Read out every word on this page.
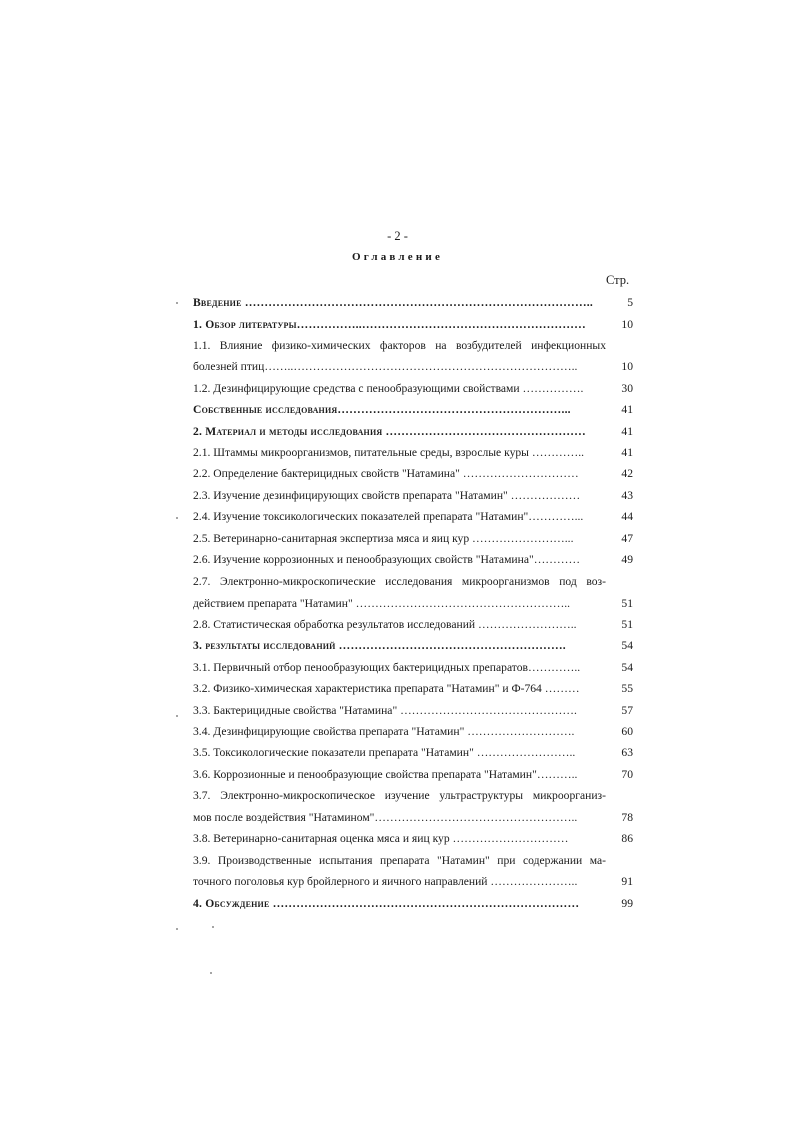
- 2 -
Оглавление
Стр.
Введение ……………………………………………………………………………..	5
1. Обзор литературы……………..…………………………………………………	10
1.1. Влияние физико-химических факторов на возбудителей инфекционных
болезней птиц……..………………………………………………………………..	10
1.2. Дезинфицирующие средства с пенообразующими свойствами …………….	30
Собственные исследования…………………………………………………...	41
2. Материал и методы исследования ……………………………………………	41
2.1. Штаммы микроорганизмов, питательные среды, взрослые куры …………..	41
2.2. Определение бактерицидных свойств "Натамина" …………………………	42
2.3. Изучение дезинфицирующих свойств препарата "Натамин" ………………	43
2.4. Изучение токсикологических показателей препарата "Натамин"…………...	44
2.5. Ветеринарно-санитарная экспертиза мяса и яиц кур ……………………...	47
2.6. Изучение коррозионных и пенообразующих свойств "Натамина"…………	49
2.7. Электронно-микроскопические исследования микроорганизмов под воз-
действием препарата "Натамин" ………………………………………………..	51
2.8. Статистическая обработка результатов исследований ……………………..	51
3. результаты исследований ………………………………………………….	54
3.1. Первичный отбор пенообразующих бактерицидных препаратов…………..	54
3.2. Физико-химическая характеристика препарата "Натамин" и Ф-764 ………	55
3.3. Бактерицидные свойства "Натамина" ……………………………………….	57
3.4. Дезинфицирующие свойства препарата "Натамин" ……………………….	60
3.5. Токсикологические показатели препарата "Натамин" ……………………..	63
3.6. Коррозионные и пенообразующие свойства препарата "Натамин"………..	70
3.7. Электронно-микроскопическое изучение ультраструктуры микроорганиз-
мов после воздействия "Натамином"……………………………………………..	78
3.8. Ветеринарно-санитарная оценка мяса и яиц кур …………………………	86
3.9. Производственные испытания препарата "Натамин" при содержании ма-
точного поголовья кур бройлерного и яичного направлений …………………..	91
4. Обсуждение ……………………………………………………………………	99
